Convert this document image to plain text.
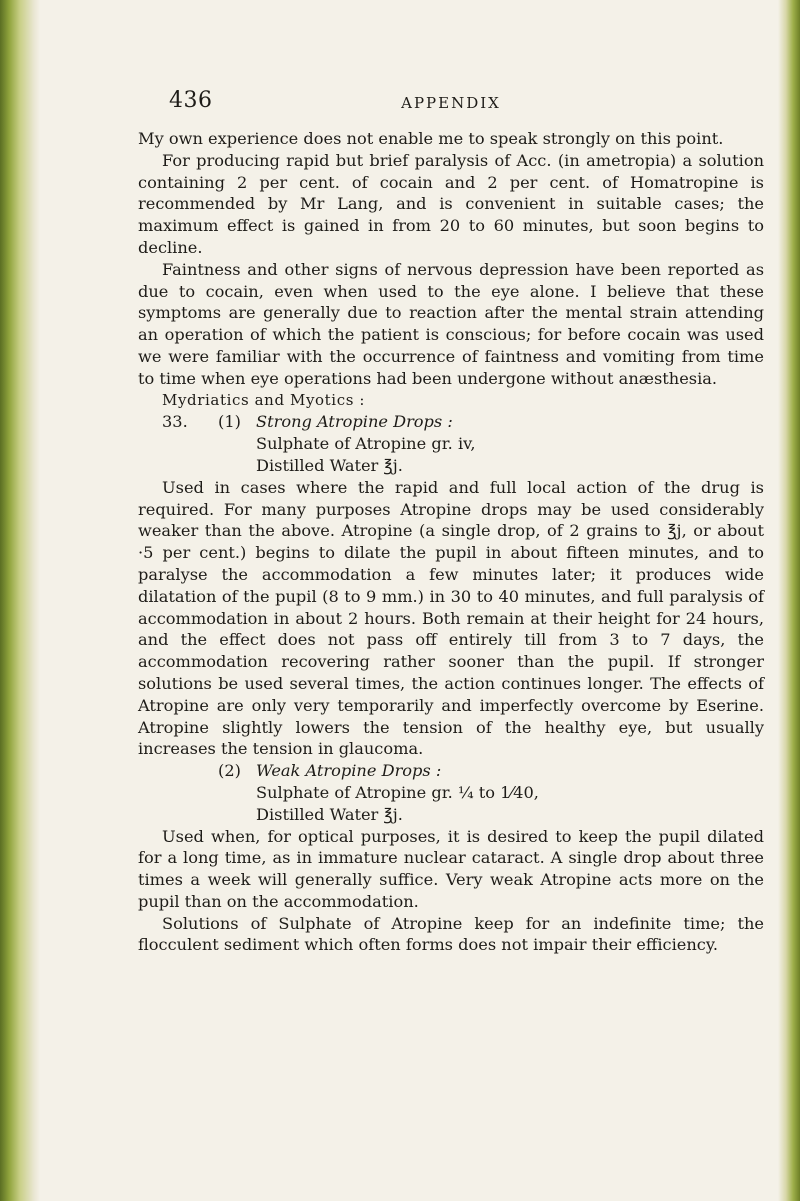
436	APPENDIX

My own experience does not enable me to speak strongly on this point.

For producing rapid but brief paralysis of Acc. (in ametropia) a solution containing 2 per cent. of cocain and 2 per cent. of Homatropine is recommended by Mr Lang, and is convenient in suitable cases; the maximum effect is gained in from 20 to 60 minutes, but soon begins to decline.

Faintness and other signs of nervous depression have been reported as due to cocain, even when used to the eye alone. I believe that these symptoms are generally due to reaction after the mental strain attending an operation of which the patient is conscious; for before cocain was used we were familiar with the occurrence of faintness and vomiting from time to time when eye operations had been undergone without anæsthesia.

Mydriatics and Myotics :

33. (1) Strong Atropine Drops :
Sulphate of Atropine gr. iv,
Distilled Water ℥j.

Used in cases where the rapid and full local action of the drug is required. For many purposes Atropine drops may be used considerably weaker than the above. Atropine (a single drop, of 2 grains to ℥j, or about ·5 per cent.) begins to dilate the pupil in about fifteen minutes, and to paralyse the accommodation a few minutes later; it produces wide dilatation of the pupil (8 to 9 mm.) in 30 to 40 minutes, and full paralysis of accommodation in about 2 hours. Both remain at their height for 24 hours, and the effect does not pass off entirely till from 3 to 7 days, the accommodation recovering rather sooner than the pupil. If stronger solutions be used several times, the action continues longer. The effects of Atropine are only very temporarily and imperfectly overcome by Eserine. Atropine slightly lowers the tension of the healthy eye, but usually increases the tension in glaucoma.

(2) Weak Atropine Drops :
Sulphate of Atropine gr. ¼ to 1⁄40,
Distilled Water ℥j.

Used when, for optical purposes, it is desired to keep the pupil dilated for a long time, as in immature nuclear cataract. A single drop about three times a week will generally suffice. Very weak Atropine acts more on the pupil than on the accommodation.

Solutions of Sulphate of Atropine keep for an indefinite time; the flocculent sediment which often forms does not impair their efficiency.
